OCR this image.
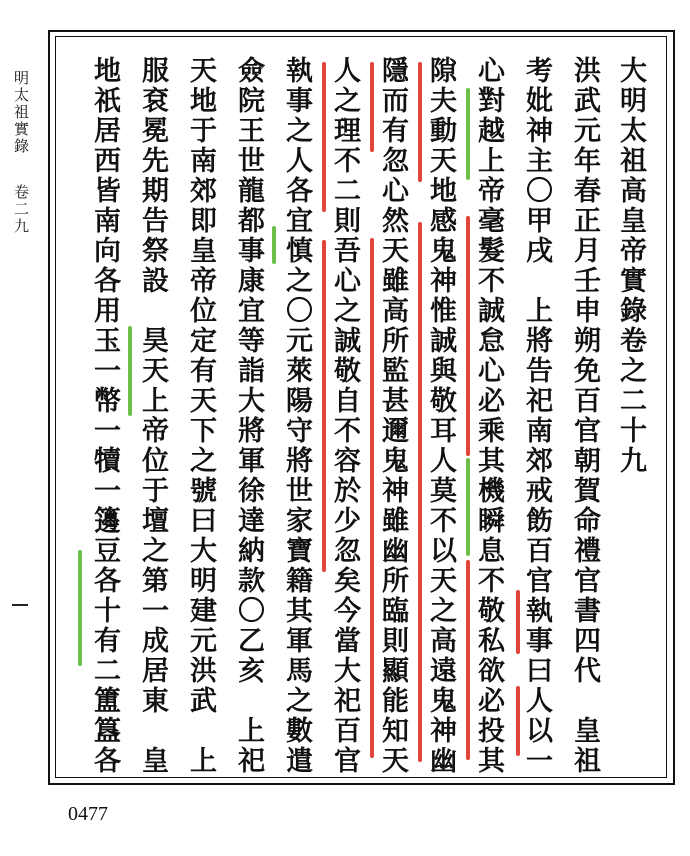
明太祖實錄 卷二九	大明太祖高皇帝實錄卷之二十九
洪武元年春正月壬申朔免百官朝賀命禮官書四代　皇祖
考妣神主〇甲戌　上將告祀南郊戒飭百官執事曰人以一
心對越上帝毫髮不誠怠心必乘其機瞬息不敬私欲必投其
隙夫動天地感鬼神惟誠與敬耳人莫不以天之高遠鬼神幽
隱而有忽心然天雖高所監甚邇鬼神雖幽所臨則顯能知天
人之理不二則吾心之誠敬自不容於少忽矣今當大祀百官
執事之人各宜慎之〇元萊陽守將世家寶籍其軍馬之數遣
僉院王世龍都事康宜等詣大將軍徐達納款〇乙亥　上祀
天地于南郊即皇帝位定有天下之號曰大明建元洪武　上
服袞冕先期告祭設　昊天上帝位于壇之第一成居東　皇
地祇居西皆南向各用玉一幣一犢一籩豆各十有二簠簋各
0477
